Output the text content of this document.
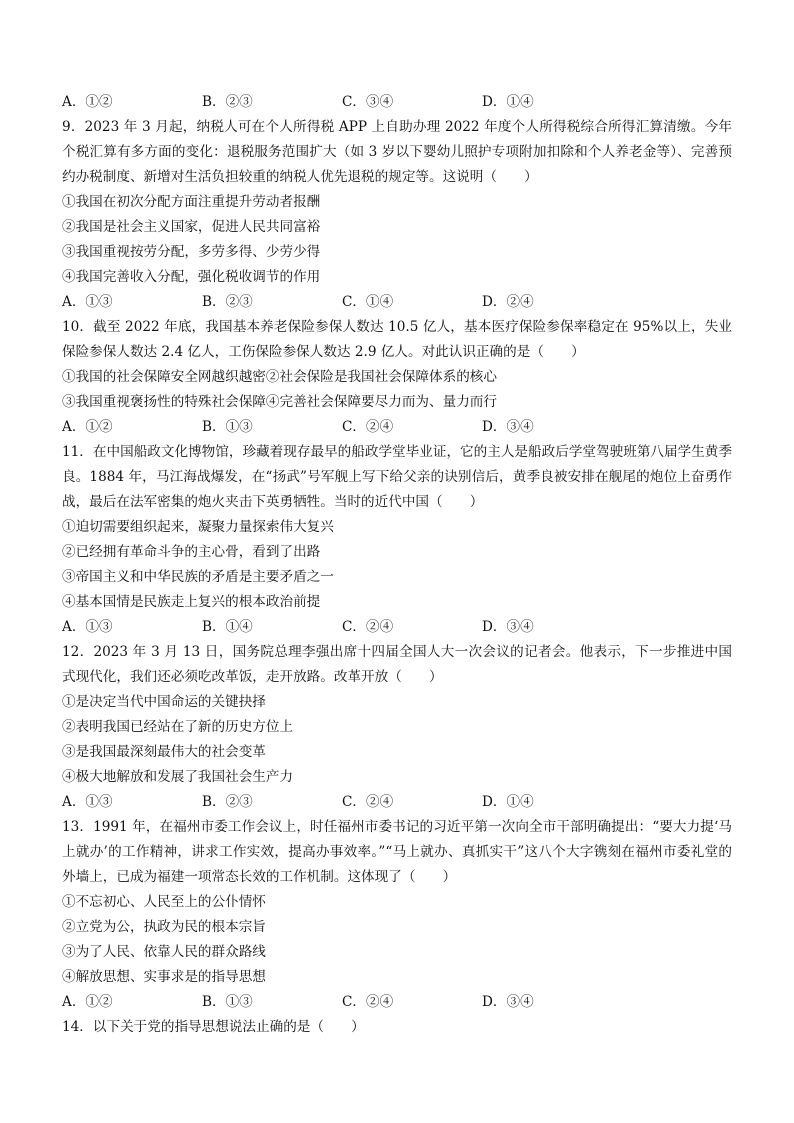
A．①②	B．②③	C．③④	D．①④
9．2023 年 3 月起，纳税人可在个人所得税 APP 上自助办理 2022 年度个人所得税综合所得汇算清缴。今年个税汇算有多方面的变化：退税服务范围扩大（如 3 岁以下婴幼儿照护专项附加扣除和个人养老金等）、完善预约办税制度、新增对生活负担较重的纳税人优先退税的规定等。这说明（　　）
①我国在初次分配方面注重提升劳动者报酬
②我国是社会主义国家，促进人民共同富裕
③我国重视按劳分配，多劳多得、少劳少得
④我国完善收入分配，强化税收调节的作用
A．①③	B．②③	C．①④	D．②④
10．截至 2022 年底，我国基本养老保险参保人数达 10.5 亿人，基本医疗保险参保率稳定在 95%以上，失业保险参保人数达 2.4 亿人，工伤保险参保人数达 2.9 亿人。对此认识正确的是（　　）
①我国的社会保障安全网越织越密②社会保险是我国社会保障体系的核心
③我国重视褒扬性的特殊社会保障④完善社会保障要尽力而为、量力而行
A．①②	B．①③	C．②④	D．③④
11．在中国船政文化博物馆，珍藏着现存最早的船政学堂毕业证，它的主人是船政后学堂驾驶班第八届学生黄季良。1884 年，马江海战爆发，在“扬武”号军舰上写下给父亲的诀别信后，黄季良被安排在舰尾的炮位上奋勇作战，最后在法军密集的炮火夹击下英勇牺牲。当时的近代中国（　　）
①迫切需要组织起来，凝聚力量探索伟大复兴
②已经拥有革命斗争的主心骨，看到了出路
③帝国主义和中华民族的矛盾是主要矛盾之一
④基本国情是民族走上复兴的根本政治前提
A．①③	B．①④	C．②④	D．③④
12．2023 年 3 月 13 日，国务院总理李强出席十四届全国人大一次会议的记者会。他表示，下一步推进中国式现代化，我们还必须吃改革饭，走开放路。改革开放（　　）
①是决定当代中国命运的关键抉择
②表明我国已经站在了新的历史方位上
③是我国最深刻最伟大的社会变革
④极大地解放和发展了我国社会生产力
A．①③	B．②③	C．②④	D．①④
13．1991 年，在福州市委工作会议上，时任福州市委书记的习近平第一次向全市干部明确提出：“要大力提‘马上就办’的工作精神，讲求工作实效，提高办事效率。”“马上就办、真抓实干”这八个大字镌刻在福州市委礼堂的外墙上，已成为福建一项常态长效的工作机制。这体现了（　　）
①不忘初心、人民至上的公仆情怀
②立党为公，执政为民的根本宗旨
③为了人民、依靠人民的群众路线
④解放思想、实事求是的指导思想
A．①②	B．①③	C．②④	D．③④
14．以下关于党的指导思想说法止确的是（　　）
